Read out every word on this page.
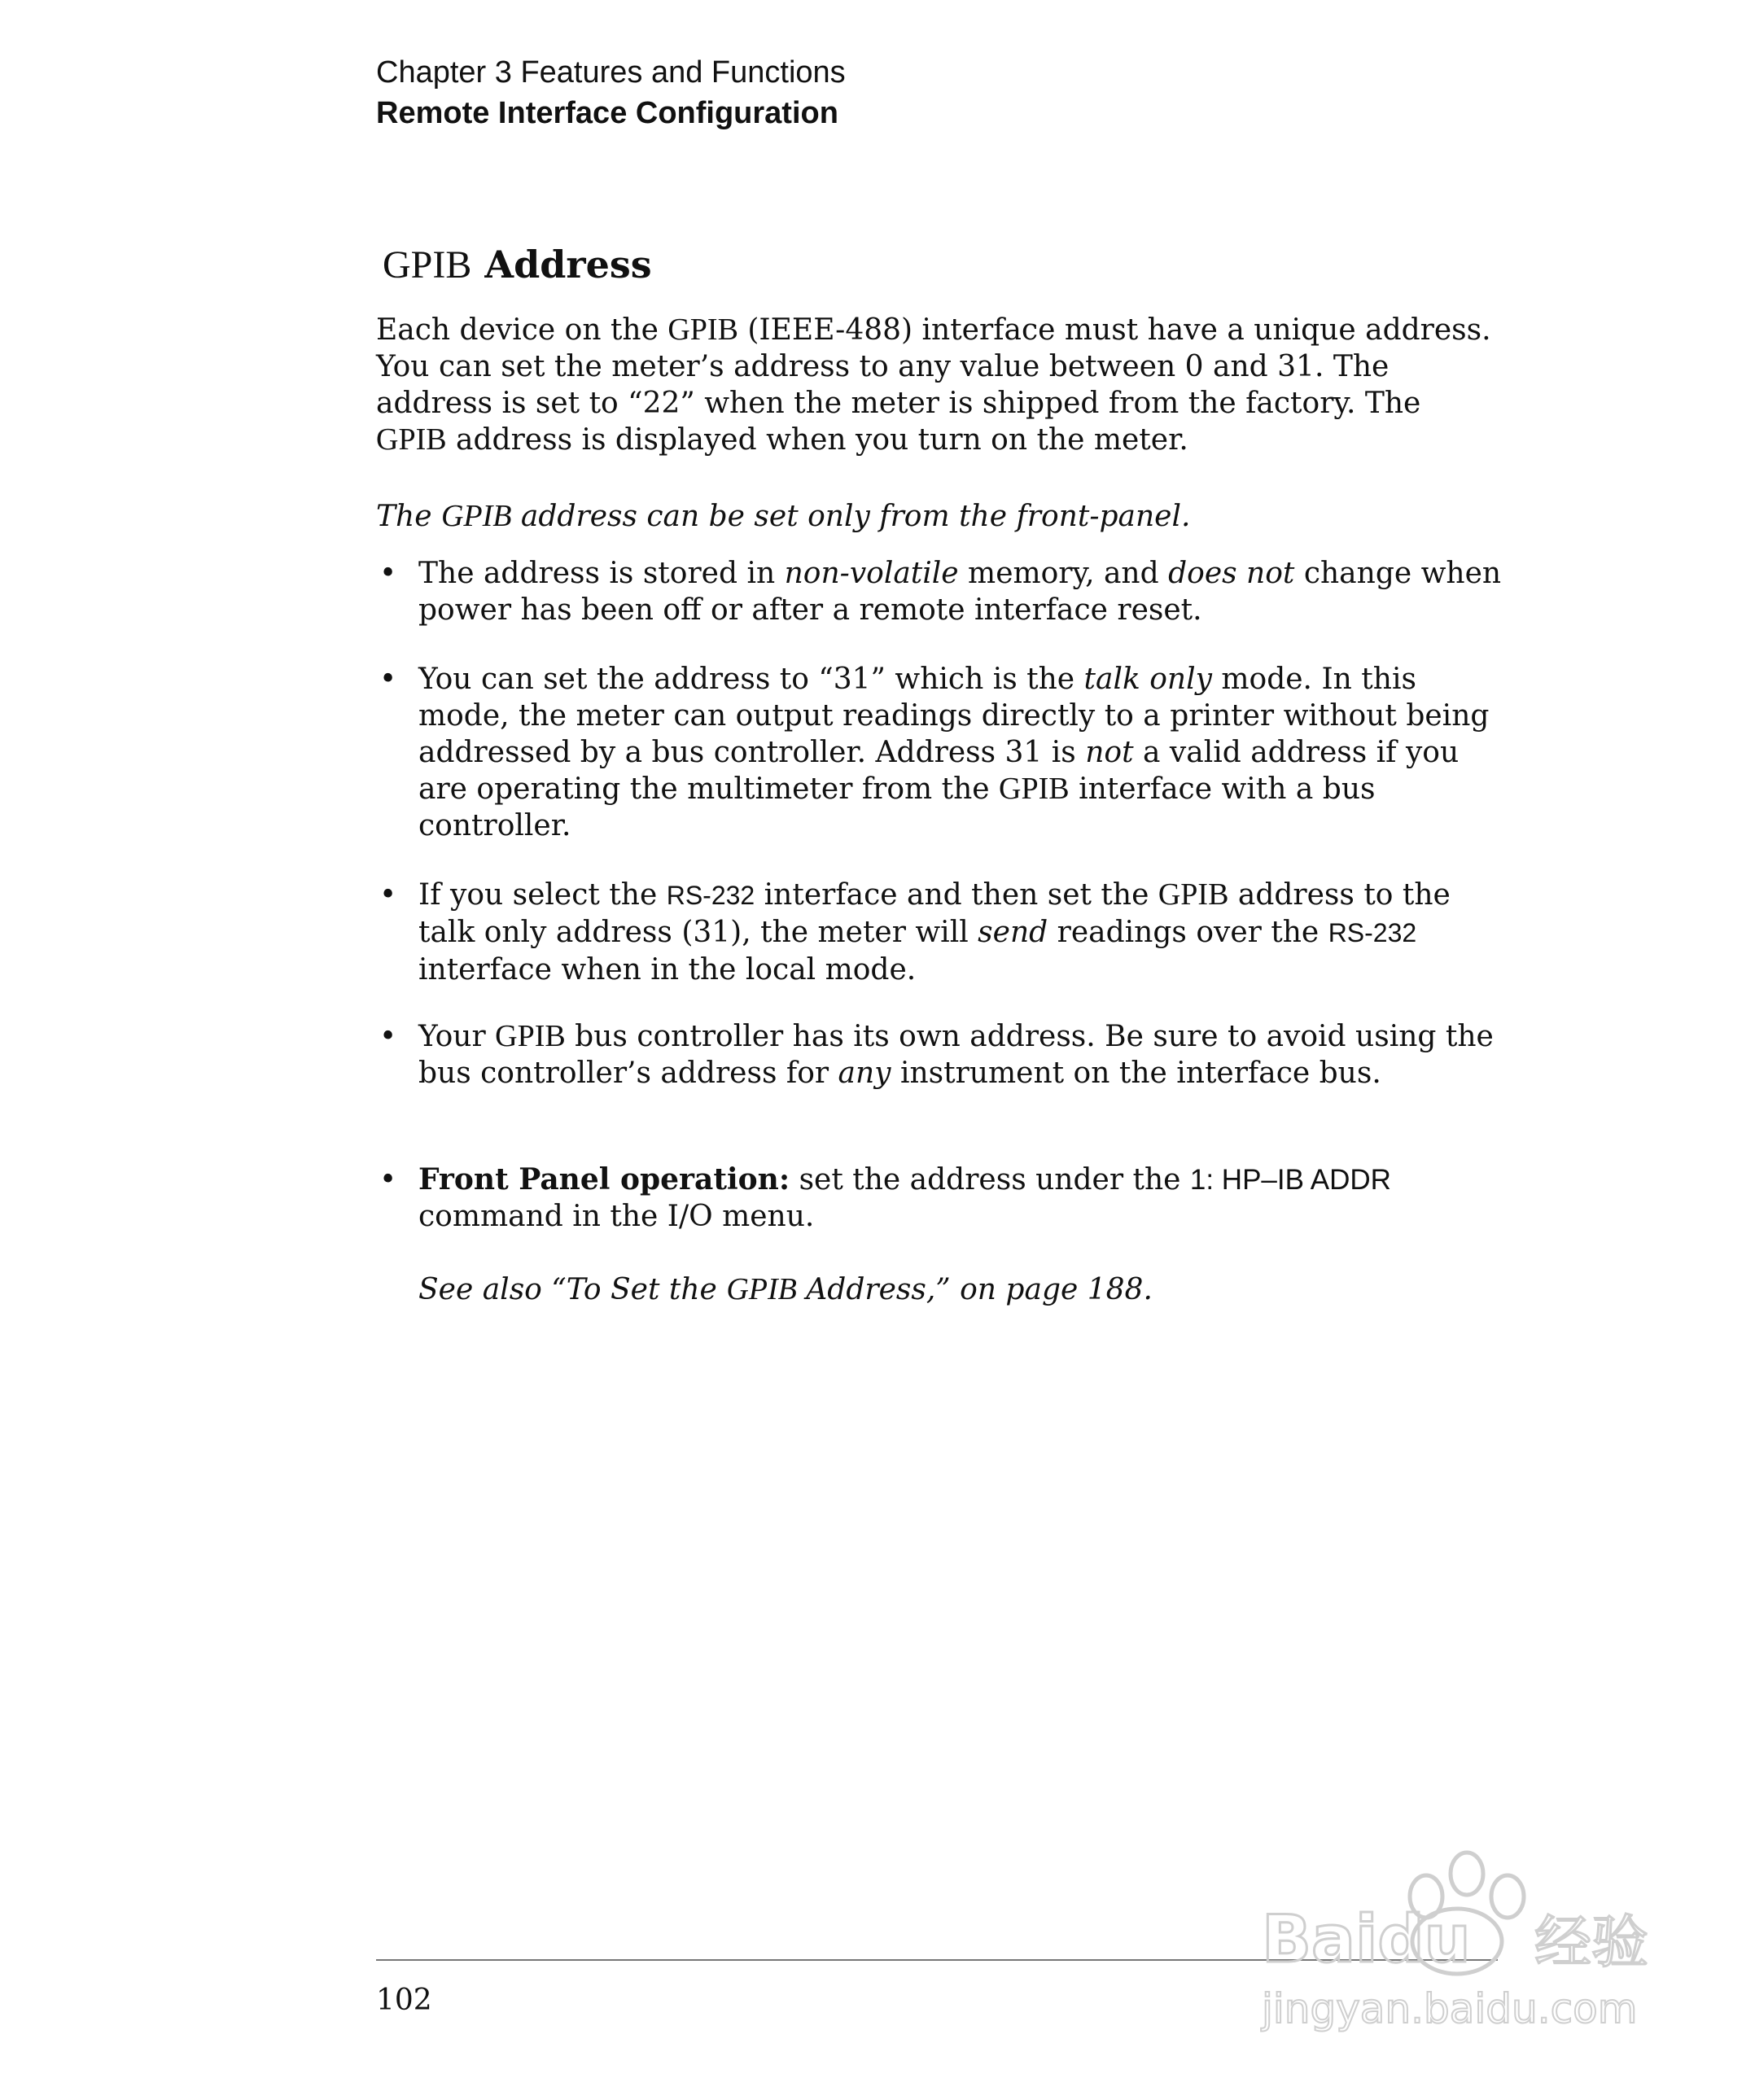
Chapter 3 Features and Functions
Remote Interface Configuration
GPIB Address

Each device on the GPIB (IEEE-488) interface must have a unique address. You can set the meter’s address to any value between 0 and 31. The address is set to “22” when the meter is shipped from the factory. The GPIB address is displayed when you turn on the meter.

The GPIB address can be set only from the front-panel.

• The address is stored in non-volatile memory, and does not change when power has been off or after a remote interface reset.
• You can set the address to “31” which is the talk only mode. In this mode, the meter can output readings directly to a printer without being addressed by a bus controller. Address 31 is not a valid address if you are operating the multimeter from the GPIB interface with a bus controller.
• If you select the RS-232 interface and then set the GPIB address to the talk only address (31), the meter will send readings over the RS-232 interface when in the local mode.
• Your GPIB bus controller has its own address. Be sure to avoid using the bus controller’s address for any instrument on the interface bus.
• Front Panel operation: set the address under the 1: HP–IB ADDR command in the I/O menu.
See also “To Set the GPIB Address,” on page 188.
102
Baidu 经验
jingyan.baidu.com
